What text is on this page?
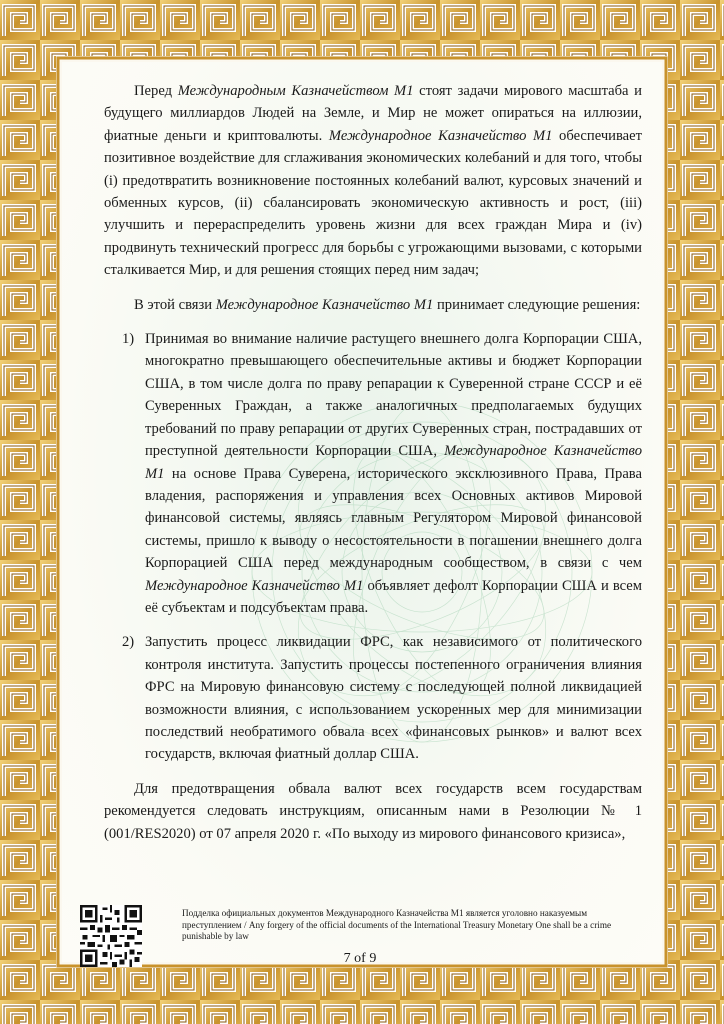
Перед Международным Казначейством М1 стоят задачи мирового масштаба и будущего миллиардов Людей на Земле, и Мир не может опираться на иллюзии, фиатные деньги и криптовалюты. Международное Казначейство М1 обеспечивает позитивное воздействие для сглаживания экономических колебаний и для того, чтобы (i) предотвратить возникновение постоянных колебаний валют, курсовых значений и обменных курсов, (ii) сбалансировать экономическую активность и рост, (iii) улучшить и перераспределить уровень жизни для всех граждан Мира и (iv) продвинуть технический прогресс для борьбы с угрожающими вызовами, с которыми сталкивается Мир, и для решения стоящих перед ним задач;

В этой связи Международное Казначейство М1 принимает следующие решения:

1) Принимая во внимание наличие растущего внешнего долга Корпорации США, многократно превышающего обеспечительные активы и бюджет Корпорации США, в том числе долга по праву репарации к Суверенной стране СССР и её Суверенных Граждан, а также аналогичных предполагаемых будущих требований по праву репарации от других Суверенных стран, пострадавших от преступной деятельности Корпорации США, Международное Казначейство М1 на основе Права Суверена, исторического эксклюзивного Права, Права владения, распоряжения и управления всех Основных активов Мировой финансовой системы, являясь главным Регулятором Мировой финансовой системы, пришло к выводу о несостоятельности в погашении внешнего долга Корпорацией США перед международным сообществом, в связи с чем Международное Казначейство М1 объявляет дефолт Корпорации США и всем её субъектам и подсубъектам права.
2) Запустить процесс ликвидации ФРС, как независимого от политического контроля института. Запустить процессы постепенного ограничения влияния ФРС на Мировую финансовую систему с последующей полной ликвидацией возможности влияния, с использованием ускоренных мер для минимизации последствий необратимого обвала всех «финансовых рынков» и валют всех государств, включая фиатный доллар США.

Для предотвращения обвала валют всех государств всем государствам рекомендуется следовать инструкциям, описанным нами в Резолюции № 1 (001/RES2020) от 07 апреля 2020 г. «По выходу из мирового финансового кризиса»,

Подделка официальных документов Международного Казначейства М1 является уголовно наказуемым преступлением / Any forgery of the official documents of the International Treasury Monetary One shall be a crime punishable by law
7 of 9
